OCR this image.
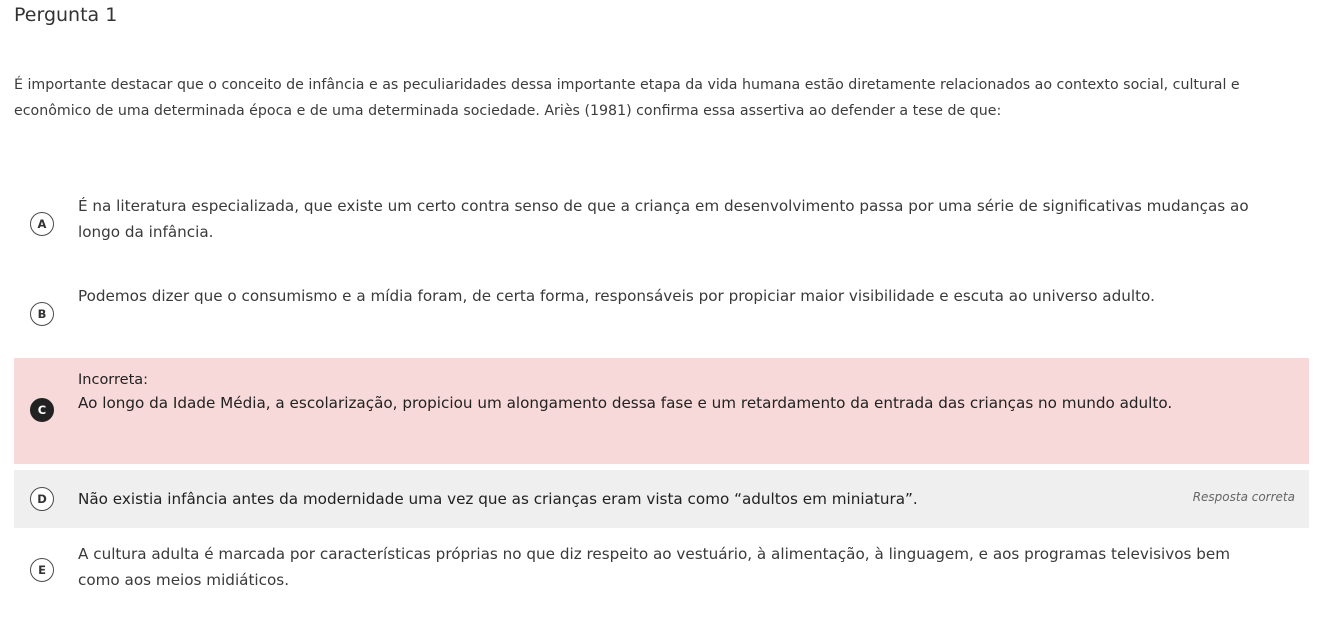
Pergunta 1
É importante destacar que o conceito de infância e as peculiaridades dessa importante etapa da vida humana estão diretamente relacionados ao contexto social, cultural e econômico de uma determinada época e de uma determinada sociedade. Ariès (1981) confirma essa assertiva ao defender a tese de que:
A
É na literatura especializada, que existe um certo contra senso de que a criança em desenvolvimento passa por uma série de significativas mudanças ao longo da infância.
B
Podemos dizer que o consumismo e a mídia foram, de certa forma, responsáveis por propiciar maior visibilidade e escuta ao universo adulto.
C
Incorreta:
Ao longo da Idade Média, a escolarização, propiciou um alongamento dessa fase e um retardamento da entrada das crianças no mundo adulto.
D	Não existia infância antes da modernidade uma vez que as crianças eram vista como “adultos em miniatura”.	Resposta correta
E
A cultura adulta é marcada por características próprias no que diz respeito ao vestuário, à alimentação, à linguagem, e aos programas televisivos bem como aos meios midiáticos.
